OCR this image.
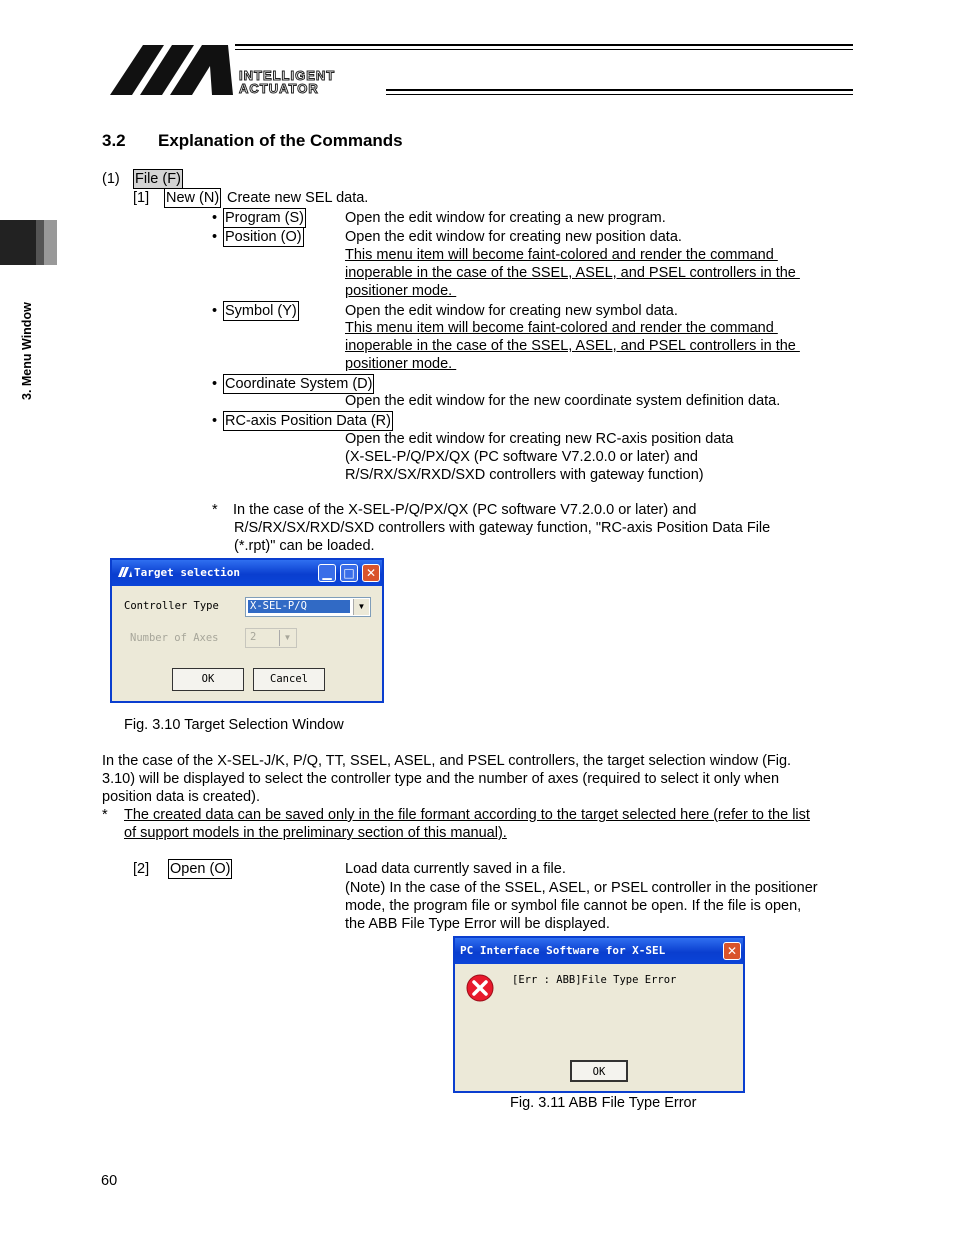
INTELLIGENT
ACTUATOR
3. Menu Window
3.2 Explanation of the Commands
(1) File (F)
[1] New (N) Create new SEL data.
• Program (S)	Open the edit window for creating a new program.
• Position (O)	Open the edit window for creating new position data.
This menu item will become faint-colored and render the command
inoperable in the case of the SSEL, ASEL, and PSEL controllers in the
positioner mode.
• Symbol (Y)	Open the edit window for creating new symbol data.
This menu item will become faint-colored and render the command
inoperable in the case of the SSEL, ASEL, and PSEL controllers in the
positioner mode.
• Coordinate System (D)
Open the edit window for the new coordinate system definition data.
• RC-axis Position Data (R)
Open the edit window for creating new RC-axis position data
(X-SEL-P/Q/PX/QX (PC software V7.2.0.0 or later) and
R/S/RX/SX/RXD/SXD controllers with gateway function)
* In the case of the X-SEL-P/Q/PX/QX (PC software V7.2.0.0 or later) and
R/S/RX/SX/RXD/SXD controllers with gateway function, "RC-axis Position Data File
(*.rpt)" can be loaded.
Target selection	▁ □ ✕
Controller Type	X-SEL-P/Q	▼
Number of Axes	2	▼
OK	Cancel
Fig. 3.10 Target Selection Window
In the case of the X-SEL-J/K, P/Q, TT, SSEL, ASEL, and PSEL controllers, the target selection window (Fig.
3.10) will be displayed to select the controller type and the number of axes (required to select it only when
position data is created).
* The created data can be saved only in the file formant according to the target selected here (refer to the list
of support models in the preliminary section of this manual).
[2] Open (O)	Load data currently saved in a file.
(Note) In the case of the SSEL, ASEL, or PSEL controller in the positioner
mode, the program file or symbol file cannot be open. If the file is open,
the ABB File Type Error will be displayed.
PC Interface Software for X-SEL	✕
[Err : ABB]File Type Error
OK
Fig. 3.11 ABB File Type Error
60
